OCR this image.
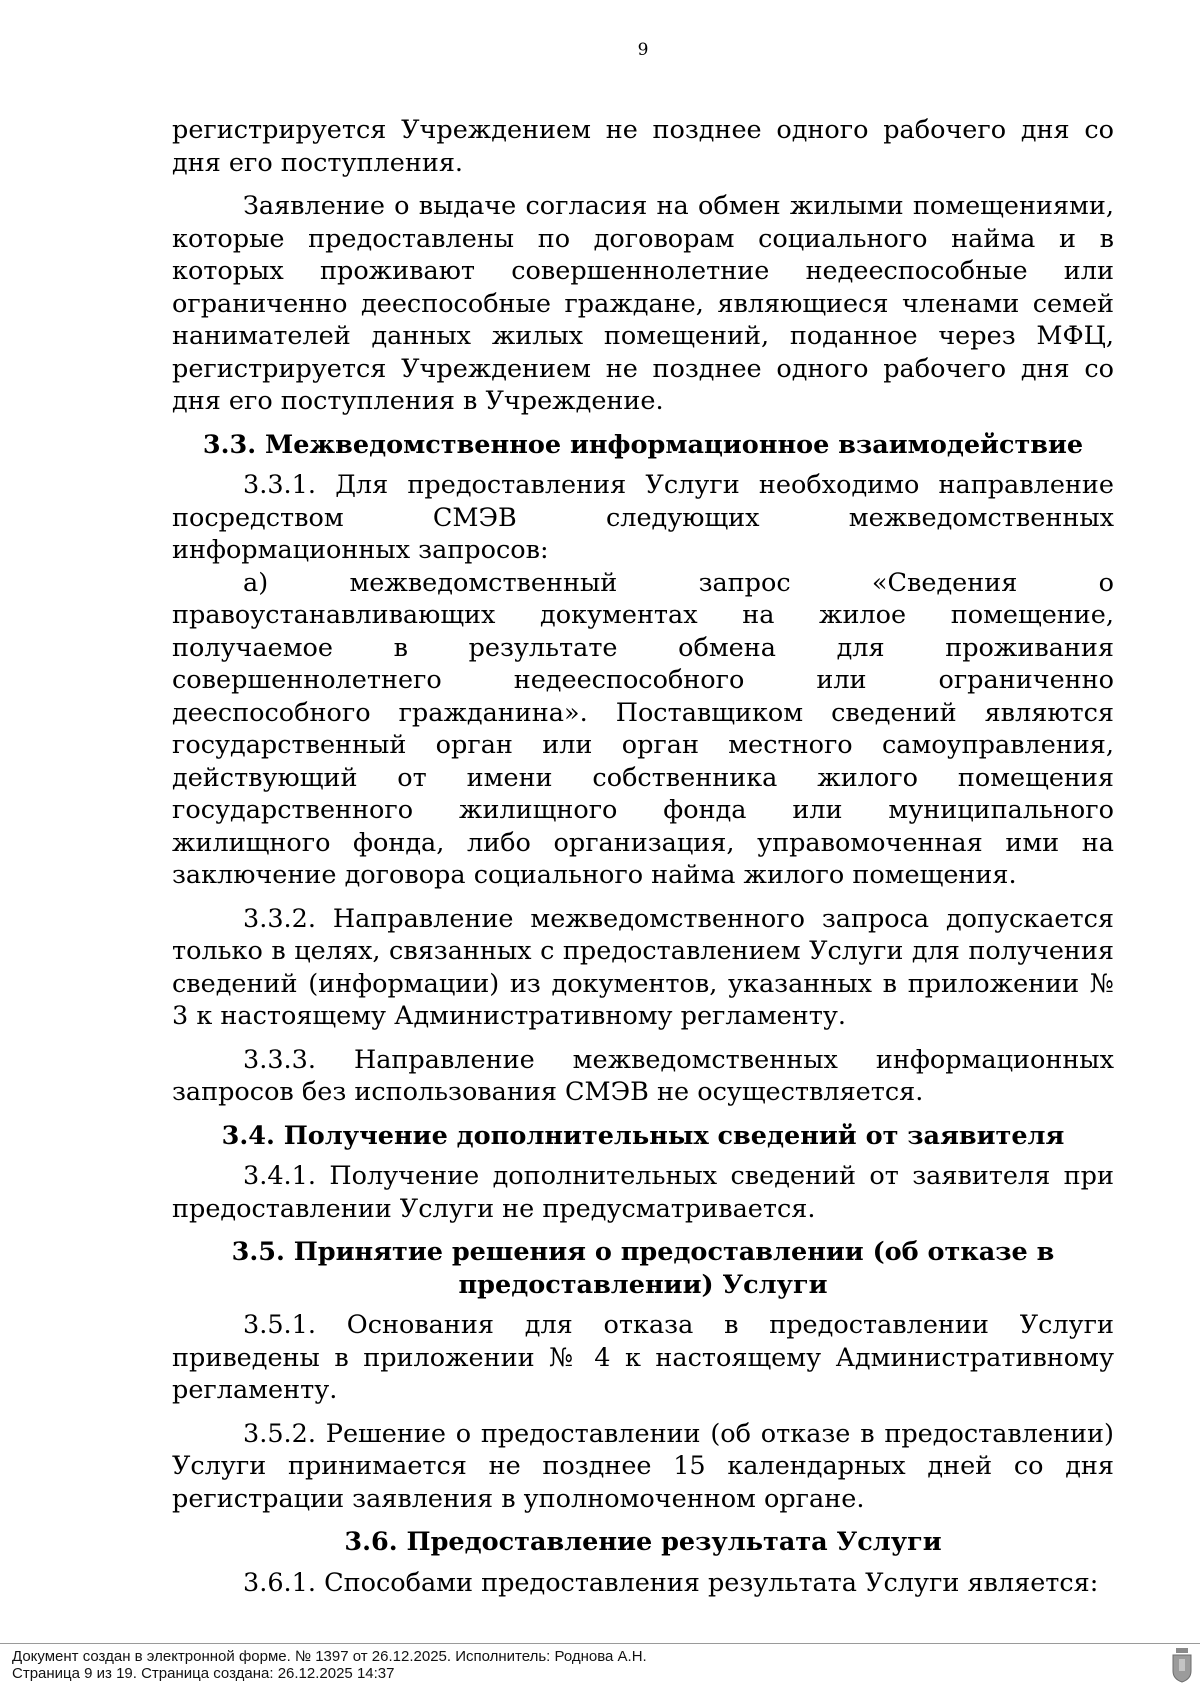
9

регистрируется Учреждением не позднее одного рабочего дня со дня его поступления.

Заявление о выдаче согласия на обмен жилыми помещениями, которые предоставлены по договорам социального найма и в которых проживают совершеннолетние недееспособные или ограниченно дееспособные граждане, являющиеся членами семей нанимателей данных жилых помещений, поданное через МФЦ, регистрируется Учреждением не позднее одного рабочего дня со дня его поступления в Учреждение.

3.3. Межведомственное информационное взаимодействие

3.3.1. Для предоставления Услуги необходимо направление посредством СМЭВ следующих межведомственных информационных запросов:

а) межведомственный запрос «Сведения о правоустанавливающих документах на жилое помещение, получаемое в результате обмена для проживания совершеннолетнего недееспособного или ограниченно дееспособного гражданина». Поставщиком сведений являются государственный орган или орган местного самоуправления, действующий от имени собственника жилого помещения государственного жилищного фонда или муниципального жилищного фонда, либо организация, управомоченная ими на заключение договора социального найма жилого помещения.

3.3.2. Направление межведомственного запроса допускается только в целях, связанных с предоставлением Услуги для получения сведений (информации) из документов, указанных в приложении № 3 к настоящему Административному регламенту.

3.3.3. Направление межведомственных информационных запросов без использования СМЭВ не осуществляется.

3.4. Получение дополнительных сведений от заявителя

3.4.1. Получение дополнительных сведений от заявителя при предоставлении Услуги не предусматривается.

3.5. Принятие решения о предоставлении (об отказе в предоставлении) Услуги

3.5.1. Основания для отказа в предоставлении Услуги приведены в приложении № 4 к настоящему Административному регламенту.

3.5.2. Решение о предоставлении (об отказе в предоставлении) Услуги принимается не позднее 15 календарных дней со дня регистрации заявления в уполномоченном органе.

3.6. Предоставление результата Услуги

3.6.1. Способами предоставления результата Услуги является:

Документ создан в электронной форме. № 1397 от 26.12.2025. Исполнитель: Роднова А.Н.
Страница 9 из 19. Страница создана: 26.12.2025 14:37
